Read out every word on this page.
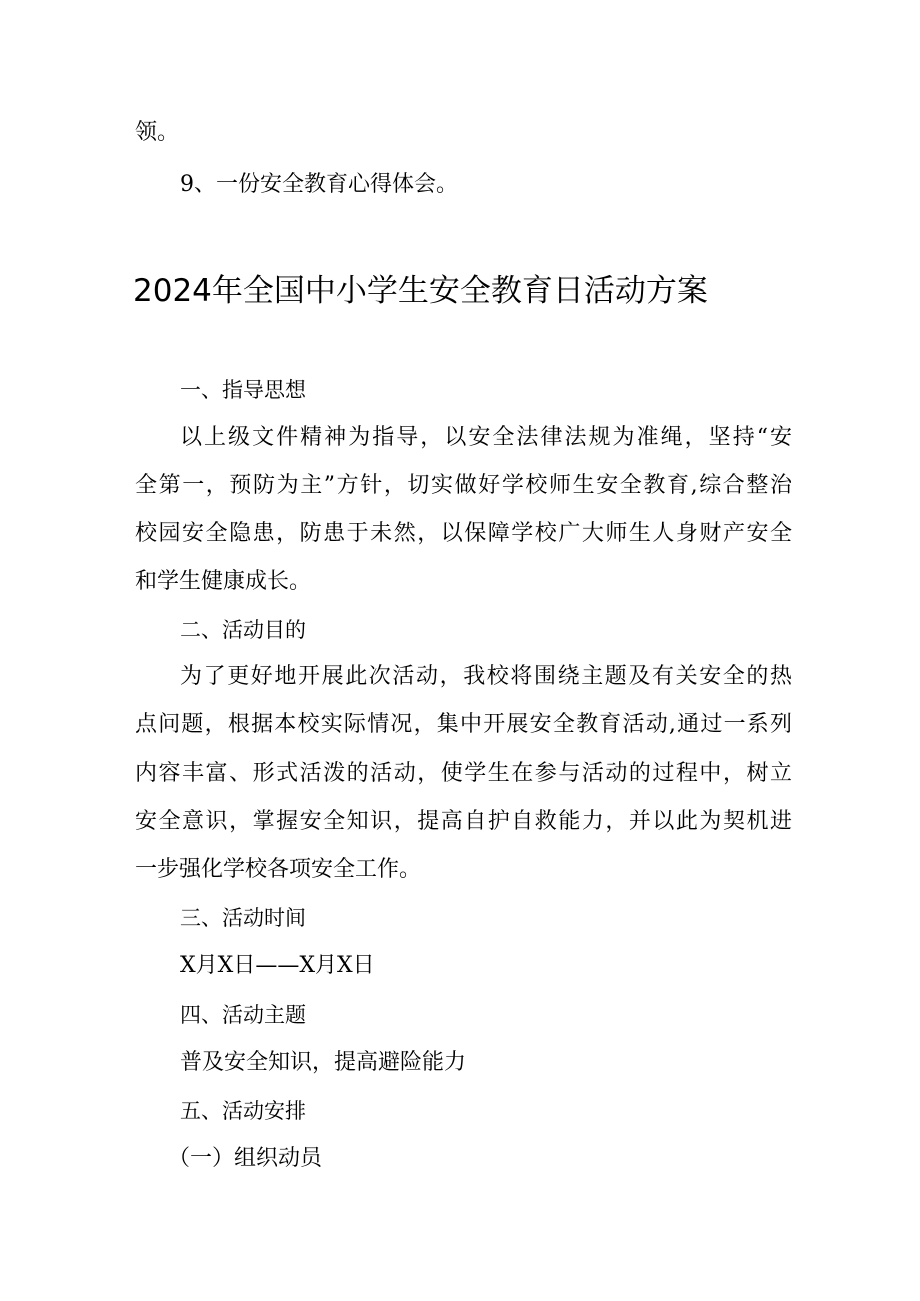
领。

9、一份安全教育心得体会。

2024年全国中小学生安全教育日活动方案

一、指导思想

以上级文件精神为指导，以安全法律法规为准绳，坚持“安

全第一，预防为主”方针，切实做好学校师生安全教育,综合整治

校园安全隐患，防患于未然，以保障学校广大师生人身财产安全

和学生健康成长。

二、活动目的

为了更好地开展此次活动，我校将围绕主题及有关安全的热

点问题，根据本校实际情况，集中开展安全教育活动,通过一系列

内容丰富、形式活泼的活动，使学生在参与活动的过程中，树立

安全意识，掌握安全知识，提高自护自救能力，并以此为契机进

一步强化学校各项安全工作。

三、活动时间

X月X日——X月X日

四、活动主题

普及安全知识，提高避险能力

五、活动安排

（一）组织动员
